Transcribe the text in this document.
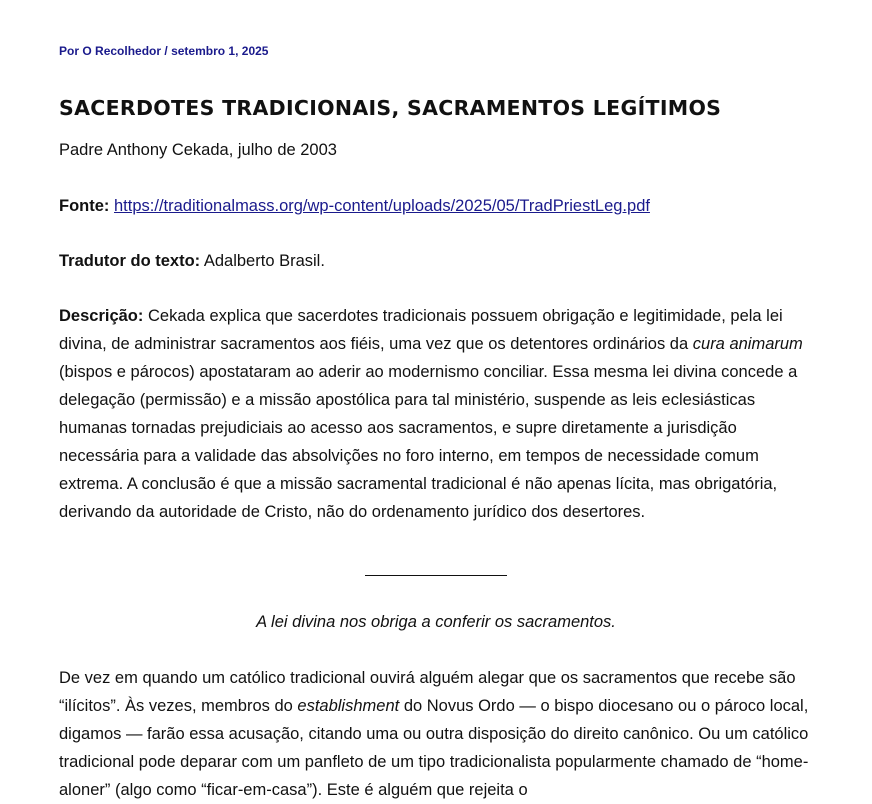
Por O Recolhedor / setembro 1, 2025
SACERDOTES TRADICIONAIS, SACRAMENTOS LEGÍTIMOS

Padre Anthony Cekada, julho de 2003

Fonte: https://traditionalmass.org/wp-content/uploads/2025/05/TradPriestLeg.pdf

Tradutor do texto: Adalberto Brasil.

Descrição: Cekada explica que sacerdotes tradicionais possuem obrigação e legitimidade, pela lei divina, de administrar sacramentos aos fiéis, uma vez que os detentores ordinários da cura animarum (bispos e párocos) apostataram ao aderir ao modernismo conciliar. Essa mesma lei divina concede a delegação (permissão) e a missão apostólica para tal ministério, suspende as leis eclesiásticas humanas tornadas prejudiciais ao acesso aos sacramentos, e supre diretamente a jurisdição necessária para a validade das absolvições no foro interno, em tempos de necessidade comum extrema. A conclusão é que a missão sacramental tradicional é não apenas lícita, mas obrigatória, derivando da autoridade de Cristo, não do ordenamento jurídico dos desertores.

A lei divina nos obriga a conferir os sacramentos.

De vez em quando um católico tradicional ouvirá alguém alegar que os sacramentos que recebe são “ilícitos”. Às vezes, membros do establishment do Novus Ordo — o bispo diocesano ou o pároco local, digamos — farão essa acusação, citando uma ou outra disposição do direito canônico. Ou um católico tradicional pode deparar com um panfleto de um tipo tradicionalista popularmente chamado de “home-aloner” (algo como “ficar-em-casa”). Este é alguém que rejeita o
